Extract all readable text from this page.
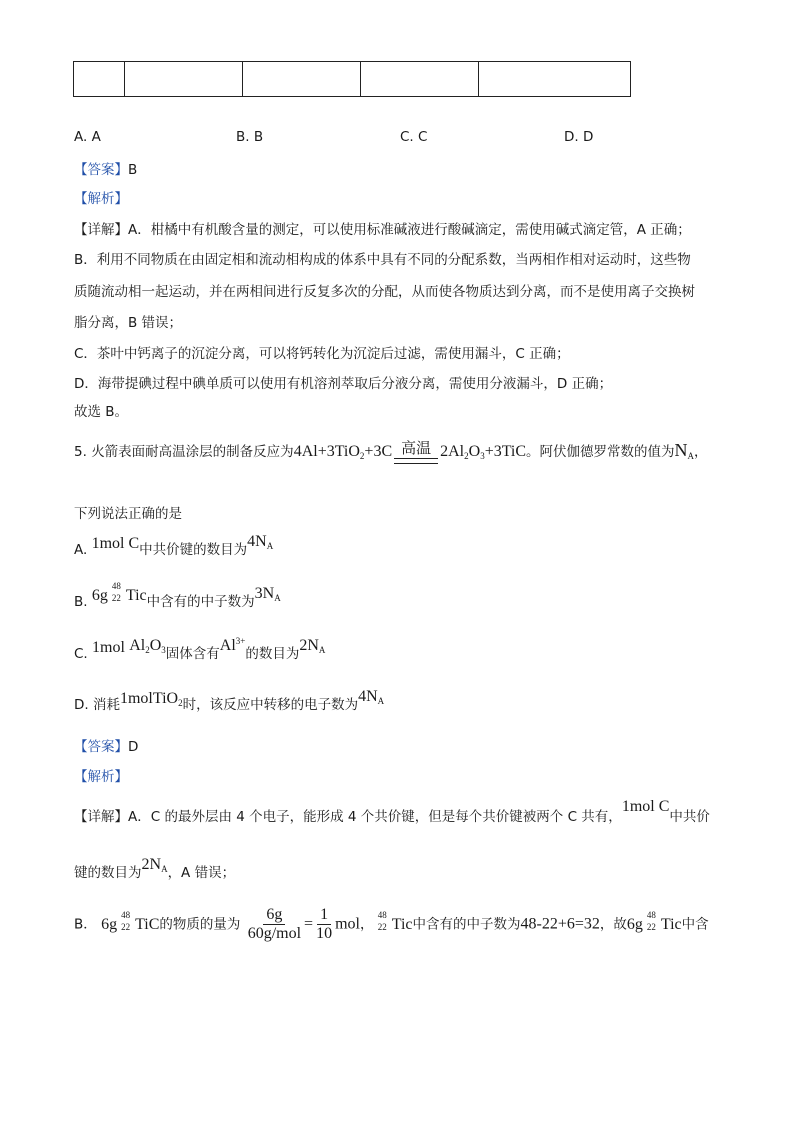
A. A	B. B	C. C	D. D
【答案】B
【解析】
【详解】A．柑橘中有机酸含量的测定，可以使用标准碱液进行酸碱滴定，需使用碱式滴定管，A 正确；
B．利用不同物质在由固定相和流动相构成的体系中具有不同的分配系数，当两相作相对运动时，这些物
质随流动相一起运动，并在两相间进行反复多次的分配，从而使各物质达到分离，而不是使用离子交换树
脂分离，B 错误；
C．茶叶中钙离子的沉淀分离，可以将钙转化为沉淀后过滤，需使用漏斗，C 正确；
D．海带提碘过程中碘单质可以使用有机溶剂萃取后分液分离，需使用分液漏斗，D 正确；
故选 B。
5. 火箭表面耐高温涂层的制备反应为4Al+3TiO$_2$+3C 高温 $2Al_2O_3+3TiC$。阿伏伽德罗常数的值为$N_A$，
下列说法正确的是
A. 1mol C中共价键的数目为$4N_A$
B. 6g
48
22 Tic中含有的中子数为$3N_A$
C. 1mol $Al_2O_3$固体含有$Al^{3+}$的数目为$2N_A$
D. 消耗1molTiO$_2$时，该反应中转移的电子数为$4N_A$
【答案】D
【解析】
【详解】A．C 的最外层由 4 个电子，能形成 4 个共价键，但是每个共价键被两个 C 共有，1mol C中共价
键的数目为$2N_A$，A 错误；
B． 6g
48
22 TiC的物质的量为 $\frac{6g}{\text{60g/mol}} = \frac{1}{10}$ mol，
48
22 Tic中含有的中子数为48-22+6=32，故6g
48
22 Tic中含
